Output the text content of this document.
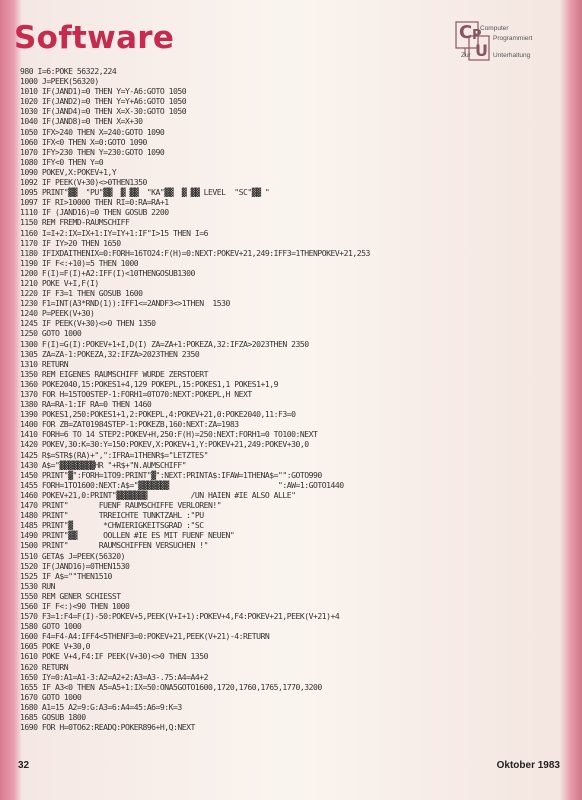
Software	C P
U
Computer
Programmiert
Zur	Unterhaltung
980 I=6:POKE 56322,224
1000 J=PEEK(56320)
1010 IF(JAND1)=0 THEN Y=Y-A6:GOTO 1050
1020 IF(JAND2)=0 THEN Y=Y+A6:GOTO 1050
1030 IF(JAND4)=0 THEN X=X-30:GOTO 1050
1040 IF(JAND8)=0 THEN X=X+30
1050 IFX>240 THEN X=240:GOTO 1090
1060 IFX<0 THEN X=0:GOTO 1090
1070 IFY>230 THEN Y=230:GOTO 1090
1080 IFY<0 THEN Y=0
1090 POKEV,X:POKEV+1,Y
1092 IF PEEK(V+30)<>0THEN1350
1095 PRINT"▓▓  "PU"▓▓  ▓ ▓▓  "KA"▓▓  ▓ ▓▓ LEVEL  "SC"▓▓ "
1097 IF RI>10000 THEN RI=0:RA=RA+1
1110 IF (JAND16)=0 THEN GOSUB 2200
1150 REM FREMD-RAUMSCHIFF
1160 I=I+2:IX=IX+1:IY=IY+1:IF"I>15 THEN I=6
1170 IF IY>20 THEN 1650
1180 IFIXDAITHENIX=0:FORH=16TO24:F(H)=0:NEXT:POKEV+21,249:IFF3=1THENPOKEV+21,253
1190 IF F<:+10)=5 THEN 1000
1200 F(I)=F(I)+A2:IFF(I)<10THENGOSUB1300
1210 POKE V+I,F(I)
1220 IF F3=1 THEN GOSUB 1600
1230 F1=INT(A3*RND(1)):IFF1<=2ANDF3<>1THEN  1530
1240 P=PEEK(V+30)
1245 IF PEEK(V+30)<>0 THEN 1350
1250 GOTO 1000
1300 F(I)=G(I):POKEV+1+I,D(I) ZA=ZA+1:POKEZA,32:IFZA>2023THEN 2350
1305 ZA=ZA-1:POKEZA,32:IFZA>2023THEN 2350
1310 RETURN
1350 REM EIGENES RAUMSCHIFF WURDE ZERSTOERT
1360 POKE2040,15:POKES1+4,129 POKEPL,15:POKES1,1 POKES1+1,9
1370 FOR H=15TO0STEP-1:FORH1=0TO70:NEXT:POKEPL,H NEXT
1380 RA=RA-1:IF RA=0 THEN 1460
1390 POKES1,250:POKES1+1,2:POKEPL,4:POKEV+21,0:POKE2040,11:F3=0
1400 FOR ZB=ZAT01984STEP-1:POKEZB,160:NEXT:ZA=1983
1410 FORH=6 TO 14 STEP2:POKEV+H,250:F(H)=250:NEXT:FORH1=0 TO100:NEXT
1420 POKEV,30:K=30:Y=150:POKEV,X:POKEV+1,Y:POKEV+21,249:POKEV+30,0
1425 R$=STR$(RA)+",":IFRA=1THENR$="LETZTES"
1430 A$="▓▓▓▓▓▓▓▓HR "+R$+"N.AUMSCHIFF"
1450 PRINT"▓":FORH=1TO9:PRINT"▓":NEXT:PRINTA$:IFAW=1THENA$="":GOTO990
1455 FORH=1TO1600:NEXT:A$="▓▓▓▓▓▓▓                         ":AW=1:GOTO1440
1460 POKEV+21,0:PRINT"▓▓▓▓▓▓▓          /UN HAIEN #IE ALSO ALLE"
1470 PRINT"       FUENF RAUMSCHIFFE VERLOREN!"
1480 PRINT"       TRREICHTE TUNKTZAHL :"PU
1485 PRINT"▓       *CHWIERIGKEITSGRAD :"SC
1490 PRINT"▓▓      OOLLEN #IE ES MIT FUENF NEUEN"
1500 PRINT"       RAUMSCHIFFEN VERSUCHEN !"
1510 GETA$ J=PEEK(56320)
1520 IF(JAND16)=0THEN1530
1525 IF A$=""THEN1510
1530 RUN
1550 REM GENER SCHIESST
1560 IF F<:)<90 THEN 1000
1570 F3=1:F4=F(I)-50:POKEV+5,PEEK(V+I+1):POKEV+4,F4:POKEV+21,PEEK(V+21)+4
1580 GOTO 1000
1600 F4=F4-A4:IFF4<5THENF3=0:POKEV+21,PEEK(V+21)-4:RETURN
1605 POKE V+30,0
1610 POKE V+4,F4:IF PEEK(V+30)<>0 THEN 1350
1620 RETURN
1650 IY=0:A1=A1-3:A2=A2+2:A3=A3-.75:A4=A4+2
1655 IF A3<0 THEN A5=A5+1:IX=50:ONA5GOTO1600,1720,1760,1765,1770,3200
1670 GOTO 1000
1680 A1=15 A2=9:G:A3=6:A4=45:A6=9:K=3
1685 GOSUB 1800
1690 FOR H=0TO62:READQ:POKER896+H,Q:NEXT
32	Oktober 1983
